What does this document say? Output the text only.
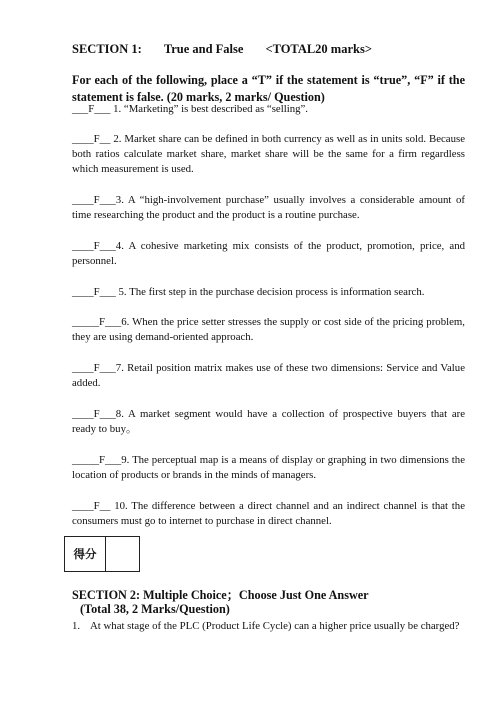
SECTION 1: True and False <TOTAL20 marks>
For each of the following, place a “T” if the statement is “true”, “F” if the statement is false. (20 marks, 2 marks/ Question)
___F___ 1. “Marketing” is best described as “selling”.
____F__ 2. Market share can be defined in both currency as well as in units sold. Because both ratios calculate market share, market share will be the same for a firm regardless which measurement is used.
____F___3. A “high-involvement purchase” usually involves a considerable amount of time researching the product and the product is a routine purchase.
____F___4. A cohesive marketing mix consists of the product, promotion, price, and personnel.
____F___ 5. The first step in the purchase decision process is information search.
_____F___6. When the price setter stresses the supply or cost side of the pricing problem, they are using demand-oriented approach.
____F___7. Retail position matrix makes use of these two dimensions: Service and Value added.
____F___8. A market segment would have a collection of prospective buyers that are ready to buy。
_____F___9. The perceptual map is a means of display or graphing in two dimensions the location of products or brands in the minds of managers.
____F__ 10. The difference between a direct channel and an indirect channel is that the consumers must go to internet to purchase in direct channel.
得分	
SECTION 2: Multiple Choice；Choose Just One Answer
(Total 38, 2 Marks/Question)
1. At what stage of the PLC (Product Life Cycle) can a higher price usually be charged?
